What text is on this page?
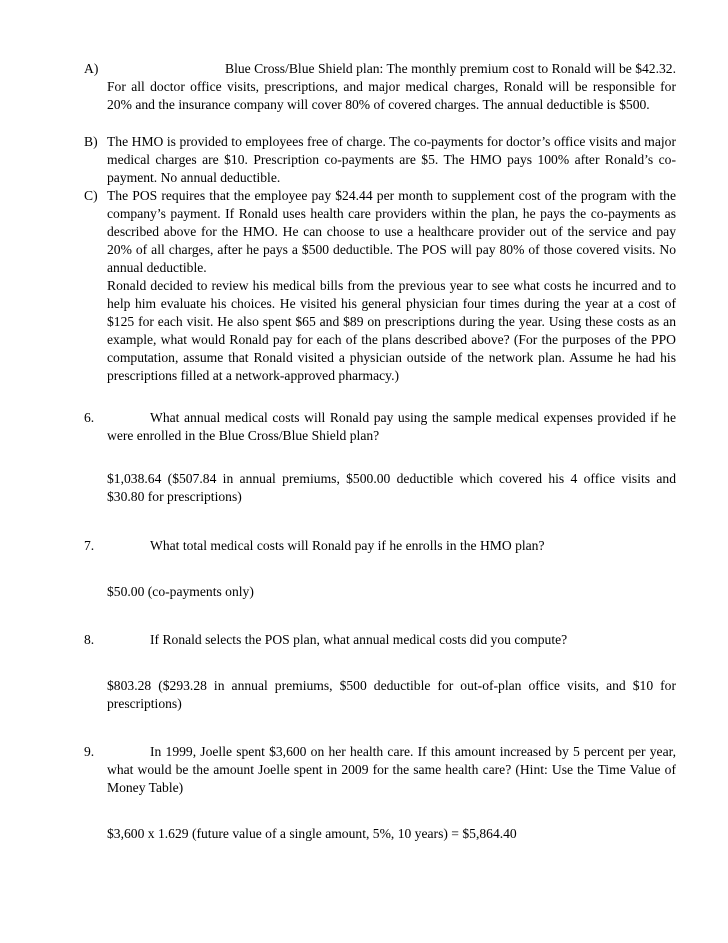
A)	Blue Cross/Blue Shield plan: The monthly premium cost to Ronald will be $42.32. For all doctor office visits, prescriptions, and major medical charges, Ronald will be responsible for 20% and the insurance company will cover 80% of covered charges. The annual deductible is $500.

B) The HMO is provided to employees free of charge. The co-payments for doctor’s office visits and major medical charges are $10. Prescription co-payments are $5. The HMO pays 100% after Ronald’s co-payment. No annual deductible.

C) The POS requires that the employee pay $24.44 per month to supplement cost of the program with the company’s payment. If Ronald uses health care providers within the plan, he pays the co-payments as described above for the HMO. He can choose to use a healthcare provider out of the service and pay 20% of all charges, after he pays a $500 deductible. The POS will pay 80% of those covered visits. No annual deductible.

Ronald decided to review his medical bills from the previous year to see what costs he incurred and to help him evaluate his choices. He visited his general physician four times during the year at a cost of $125 for each visit. He also spent $65 and $89 on prescriptions during the year. Using these costs as an example, what would Ronald pay for each of the plans described above? (For the purposes of the PPO computation, assume that Ronald visited a physician outside of the network plan. Assume he had his prescriptions filled at a network-approved pharmacy.)

6.	What annual medical costs will Ronald pay using the sample medical expenses provided if he were enrolled in the Blue Cross/Blue Shield plan?

$1,038.64 ($507.84 in annual premiums, $500.00 deductible which covered his 4 office visits and $30.80 for prescriptions)

7.	What total medical costs will Ronald pay if he enrolls in the HMO plan?

$50.00 (co-payments only)

8.	If Ronald selects the POS plan, what annual medical costs did you compute?

$803.28 ($293.28 in annual premiums, $500 deductible for out-of-plan office visits, and $10 for prescriptions)

9.	In 1999, Joelle spent $3,600 on her health care. If this amount increased by 5 percent per year, what would be the amount Joelle spent in 2009 for the same health care? (Hint: Use the Time Value of Money Table)

$3,600 x 1.629 (future value of a single amount, 5%, 10 years) = $5,864.40
